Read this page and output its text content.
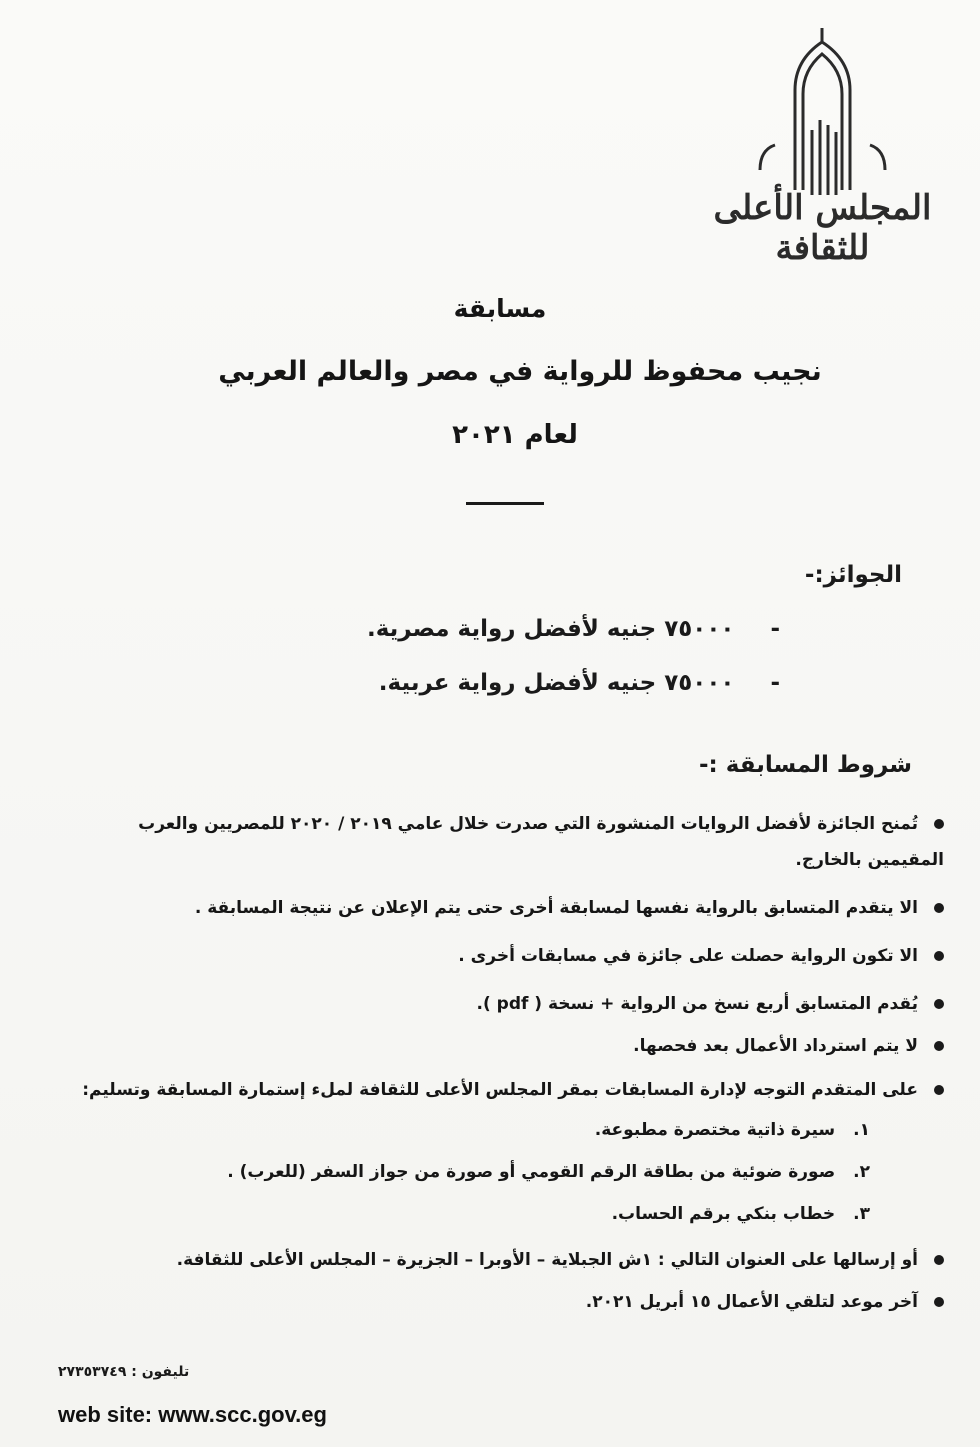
المجلس الأعلى للثقافة
مسابقة
نجيب محفوظ للرواية في مصر والعالم العربي
لعام ٢٠٢١
الجوائز:-
- ٧٥٠٠٠ جنيه لأفضل رواية مصرية.
- ٧٥٠٠٠ جنيه لأفضل رواية عربية.
شروط المسابقة :-
تُمنح الجائزة لأفضل الروايات المنشورة التي صدرت خلال عامي ٢٠١٩ / ٢٠٢٠ للمصريين والعرب المقيمين بالخارج.
الا يتقدم المتسابق بالرواية نفسها لمسابقة أخرى حتى يتم الإعلان عن نتيجة المسابقة .
الا تكون الرواية حصلت على جائزة في مسابقات أخرى .
يُقدم المتسابق أربع نسخ من الرواية + نسخة ( pdf ).
لا يتم استرداد الأعمال بعد فحصها.
على المتقدم التوجه لإدارة المسابقات بمقر المجلس الأعلى للثقافة لملء إستمارة المسابقة وتسليم:
١.سيرة ذاتية مختصرة مطبوعة.
٢.صورة ضوئية من بطاقة الرقم القومي أو صورة من جواز السفر (للعرب) .
٣.خطاب بنكي برقم الحساب.
أو إرسالها على العنوان التالي : ١ش الجبلاية – الأوبرا – الجزيرة – المجلس الأعلى للثقافة.
آخر موعد لتلقي الأعمال ١٥ أبريل ٢٠٢١.
تليفون : ٢٧٣٥٣٧٤٩
web site: www.scc.gov.eg
